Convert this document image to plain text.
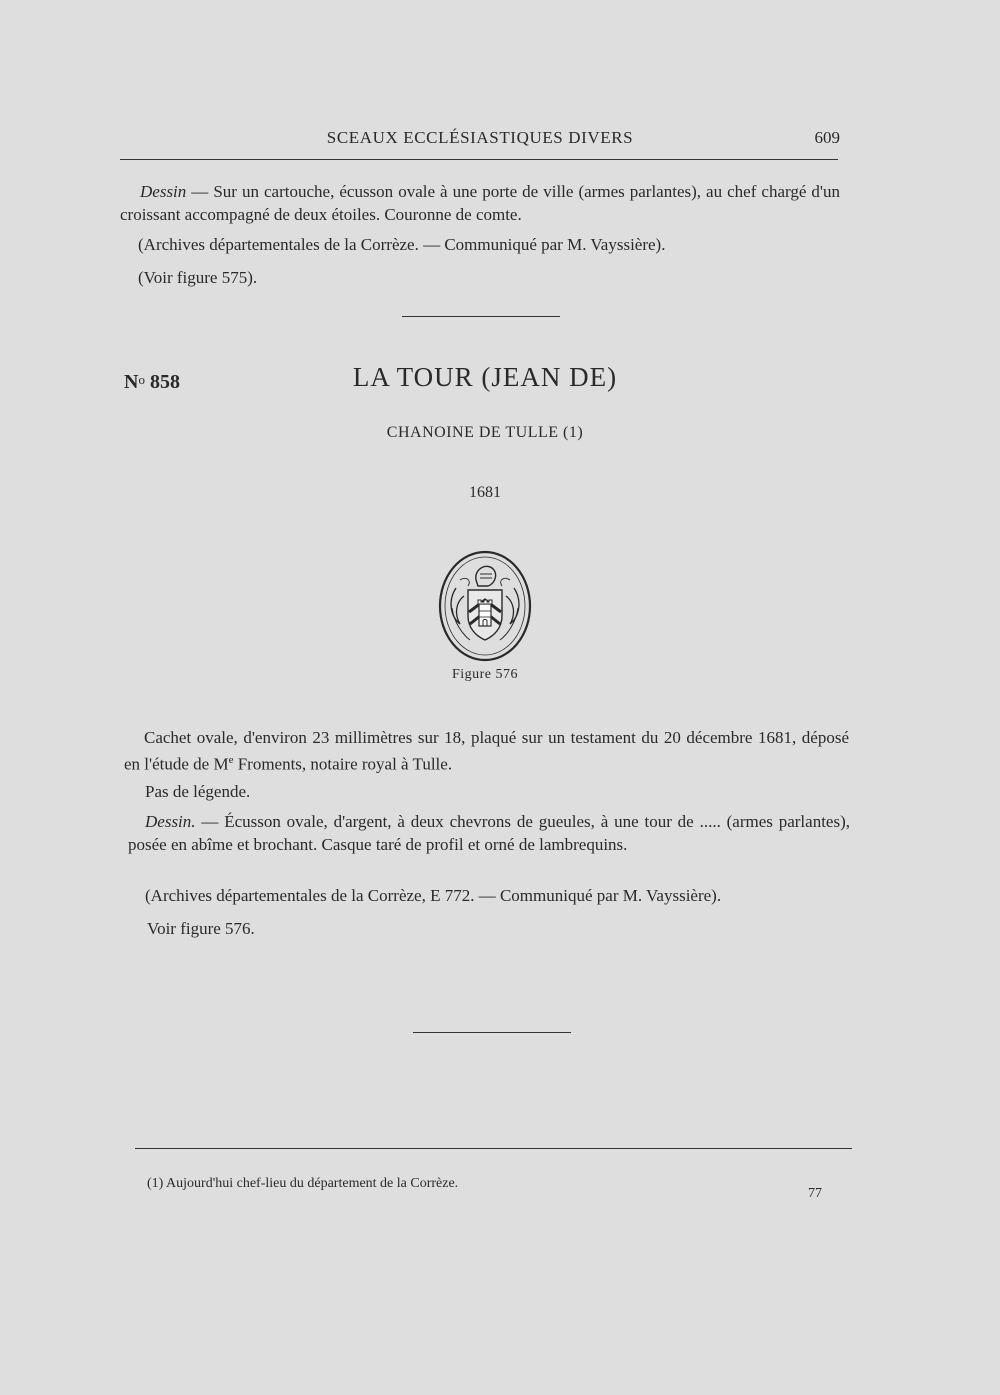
SCEAUX ECCLÉSIASTIQUES DIVERS	609
Dessin — Sur un cartouche, écusson ovale à une porte de ville (armes parlantes), au chef chargé d'un croissant accompagné de deux étoiles. Couronne de comte.
(Archives départementales de la Corrèze. — Communiqué par M. Vayssière).
(Voir figure 575).
$N^o$ 858	LA TOUR (JEAN DE)
CHANOINE DE TULLE (1)
1681
Figure 576
Cachet ovale, d'environ 23 millimètres sur 18, plaqué sur un testament du 20 décembre 1681, déposé en l'étude de Me Froments, notaire royal à Tulle.
Pas de légende.
Dessin. — Écusson ovale, d'argent, à deux chevrons de gueules, à une tour de ..... (armes parlantes), posée en abîme et brochant. Casque taré de profil et orné de lambrequins.
(Archives départementales de la Corrèze, E 772. — Communiqué par M. Vayssière).
Voir figure 576.
(1) Aujourd'hui chef-lieu du département de la Corrèze.
77
